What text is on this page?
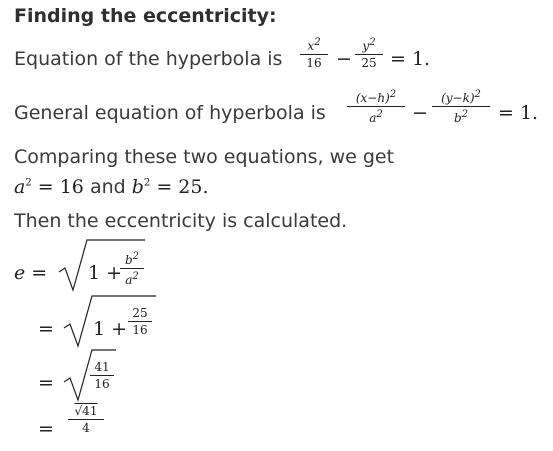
Finding the eccentricity:
Equation of the hyperbola is
$x^2$
16 −
$y^2$
25 = 1.
General equation of hyperbola is
$(x-h)^2$
$a^2$	−
$(y-k)^2$
$b^2$	= 1.
Comparing these two equations, we get
$a^2 = 16$ and $b^2 = 25$.
Then the eccentricity is calculated.
e = 1 +
$b^2$
$a^2$
= 1 +
25
16
=
41
16
=
√41
4
